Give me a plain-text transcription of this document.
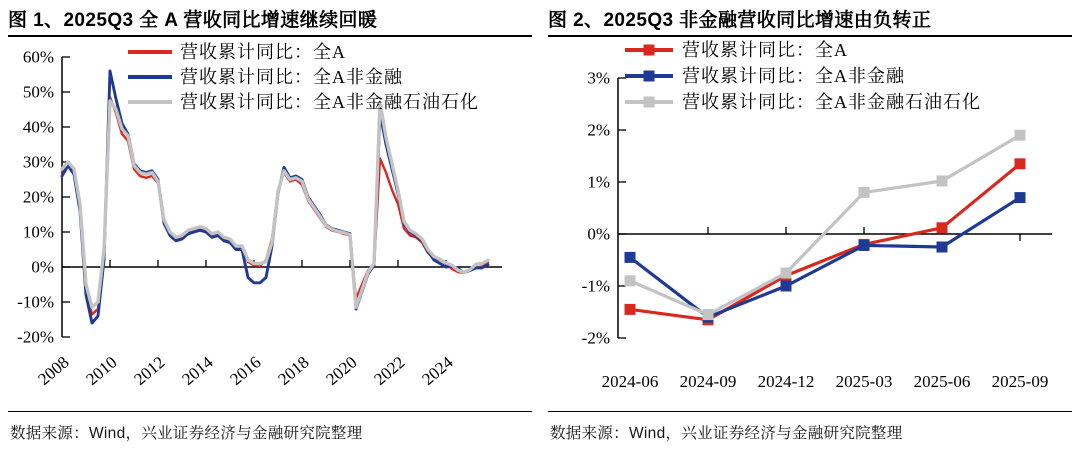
图 1、2025Q3 全 A 营收同比增速继续回暖
60%
50%
40%
30%
20%
10%
0%
-10%
-20%
2008 2010 2012 2014 2016 2018 2020 2022 2024
营收累计同比：全A
营收累计同比：全A非金融
营收累计同比：全A非金融石油石化
数据来源：Wind，兴业证券经济与金融研究院整理
图 2、2025Q3 非金融营收同比增速由负转正
3%
2%
1%
0%
-1%
-2%
2024-06 2024-09 2024-12 2025-03 2025-06 2025-09
营收累计同比：全A
营收累计同比：全A非金融
营收累计同比：全A非金融石油石化
数据来源：Wind，兴业证券经济与金融研究院整理
